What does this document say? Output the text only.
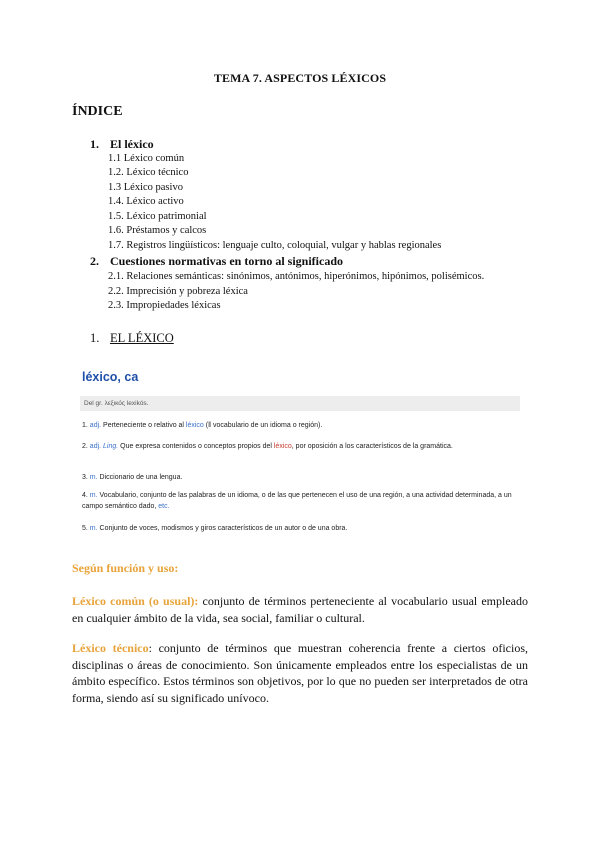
TEMA 7. ASPECTOS LÉXICOS
ÍNDICE
1. El léxico
1.1 Léxico común
1.2. Léxico técnico
1.3 Léxico pasivo
1.4. Léxico activo
1.5. Léxico patrimonial
1.6. Préstamos y calcos
1.7. Registros lingüísticos: lenguaje culto, coloquial, vulgar y hablas regionales
2. Cuestiones normativas en torno al significado
2.1. Relaciones semánticas: sinónimos, antónimos, hiperónimos, hipónimos, polisémicos.
2.2. Imprecisión y pobreza léxica
2.3. Impropiedades léxicas
1. EL LÉXICO
léxico, ca
Del gr. λεξικός lexikós.
1. adj. Perteneciente o relativo al léxico (‖ vocabulario de un idioma o región).
2. adj. Ling. Que expresa contenidos o conceptos propios del léxico, por oposición a los característicos de la gramática.
3. m. Diccionario de una lengua.
4. m. Vocabulario, conjunto de las palabras de un idioma, o de las que pertenecen el uso de una región, a una actividad determinada, a un campo semántico dado, etc.
5. m. Conjunto de voces, modismos y giros característicos de un autor o de una obra.
Según función y uso:
Léxico común (o usual): conjunto de términos perteneciente al vocabulario usual empleado en cualquier ámbito de la vida, sea social, familiar o cultural.
Léxico técnico: conjunto de términos que muestran coherencia frente a ciertos oficios, disciplinas o áreas de conocimiento. Son únicamente empleados entre los especialistas de un ámbito específico. Estos términos son objetivos, por lo que no pueden ser interpretados de otra forma, siendo así su significado unívoco.
